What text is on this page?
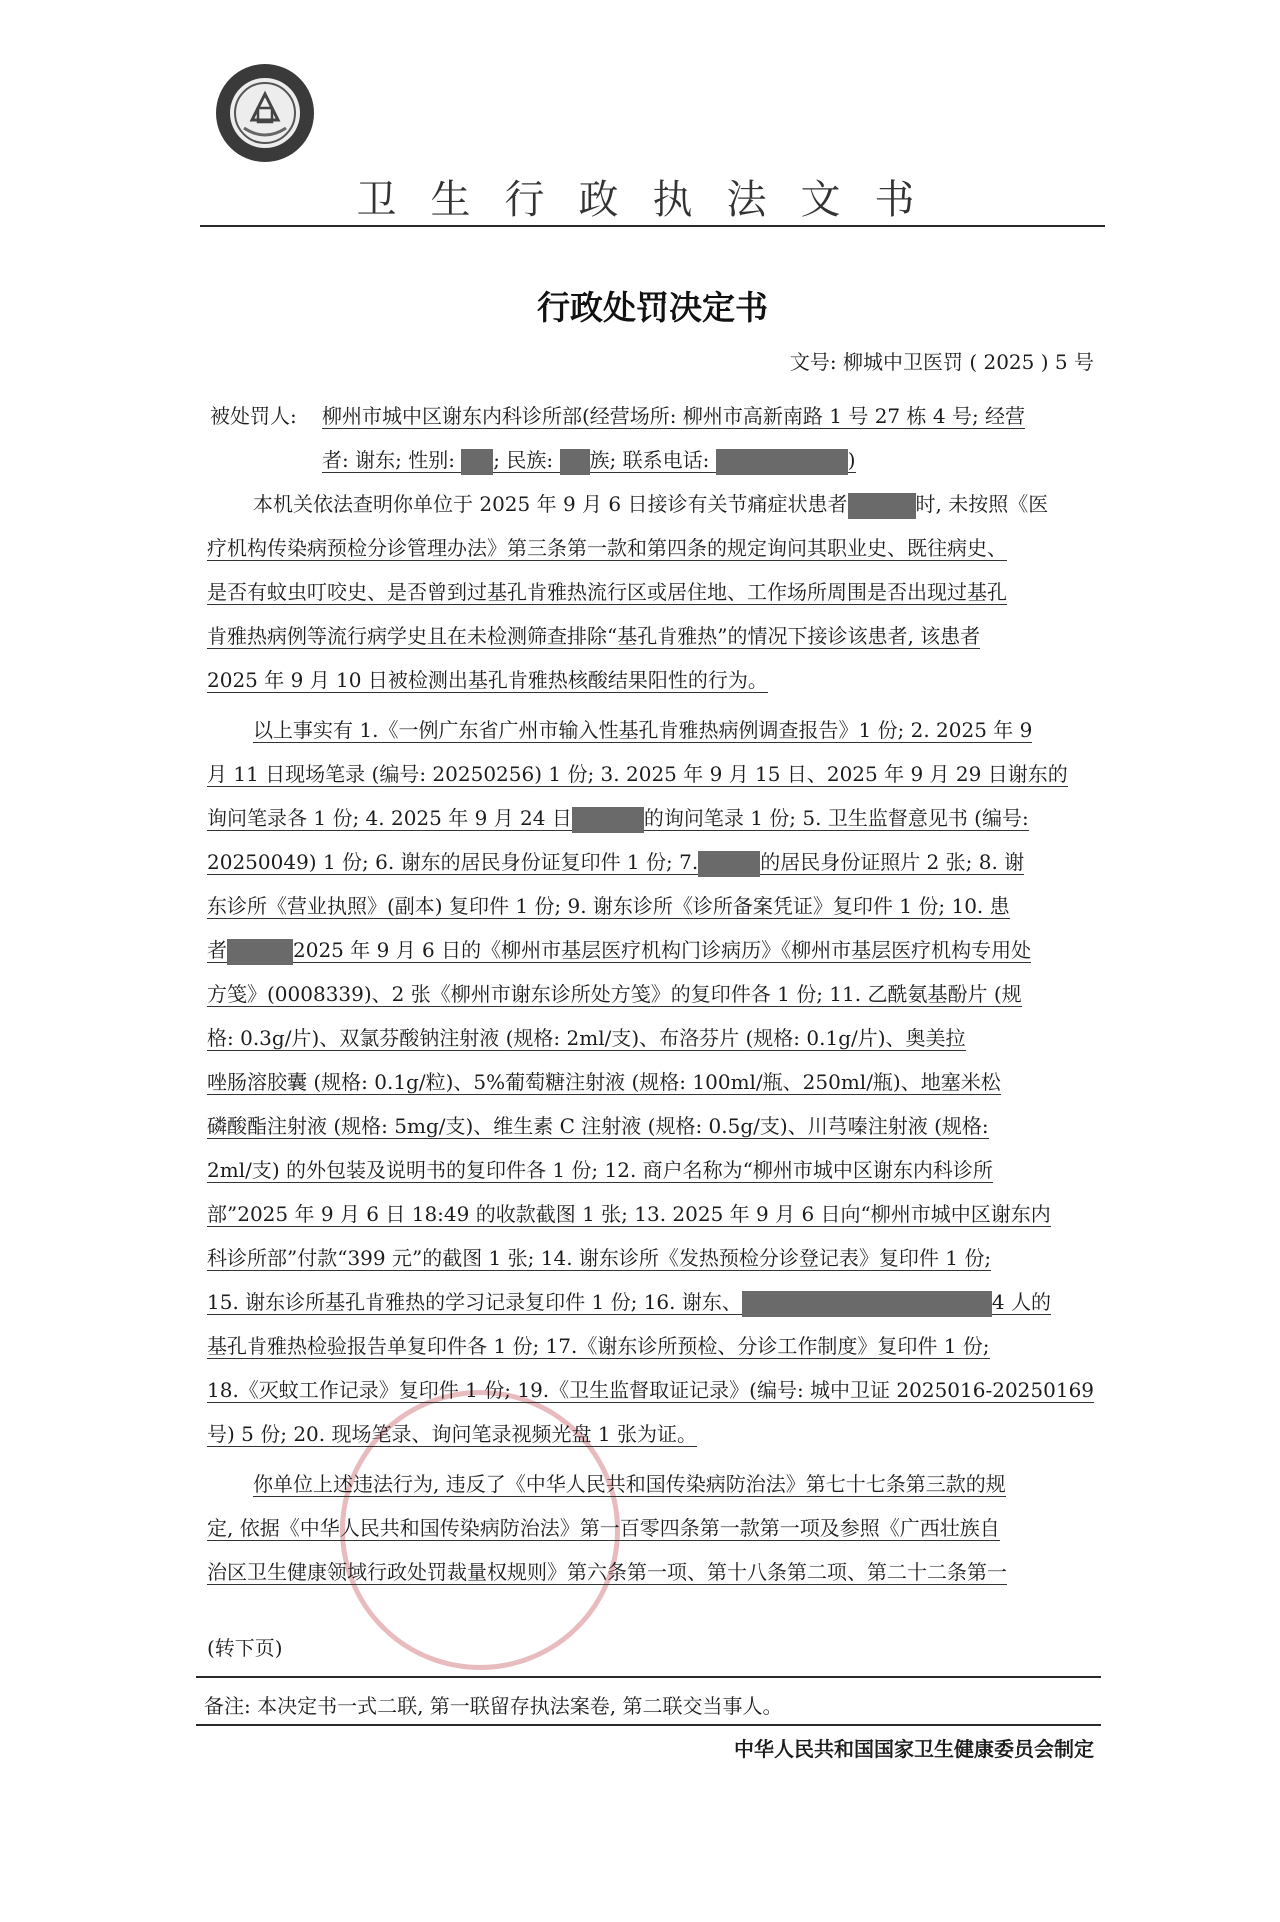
卫生行政执法文书
行政处罚决定书
文号: 柳城中卫医罚 ( 2025 ) 5 号
被处罚人: 柳州市城中区谢东内科诊所部(经营场所: 柳州市高新南路 1 号 27 栋 4 号; 经营
者: 谢东; 性别: ; 民族: 族; 联系电话:	)
本机关依法查明你单位于 2025 年 9 月 6 日接诊有关节痛症状患者	时, 未按照《医
疗机构传染病预检分诊管理办法》第三条第一款和第四条的规定询问其职业史、既往病史、
是否有蚊虫叮咬史、是否曾到过基孔肯雅热流行区或居住地、工作场所周围是否出现过基孔
肯雅热病例等流行病学史且在未检测筛查排除“基孔肯雅热”的情况下接诊该患者, 该患者
2025 年 9 月 10 日被检测出基孔肯雅热核酸结果阳性的行为。
以上事实有 1.《一例广东省广州市输入性基孔肯雅热病例调查报告》1 份; 2. 2025 年 9
月 11 日现场笔录 (编号: 20250256) 1 份; 3. 2025 年 9 月 15 日、2025 年 9 月 29 日谢东的
询问笔录各 1 份; 4. 2025 年 9 月 24 日	的询问笔录 1 份; 5. 卫生监督意见书 (编号:
20250049) 1 份; 6. 谢东的居民身份证复印件 1 份; 7.	的居民身份证照片 2 张; 8. 谢
东诊所《营业执照》(副本) 复印件 1 份; 9. 谢东诊所《诊所备案凭证》复印件 1 份; 10. 患
者	2025 年 9 月 6 日的《柳州市基层医疗机构门诊病历》《柳州市基层医疗机构专用处
方笺》(0008339)、2 张《柳州市谢东诊所处方笺》的复印件各 1 份; 11. 乙酰氨基酚片 (规
格: 0.3g/片)、双氯芬酸钠注射液 (规格: 2ml/支)、布洛芬片 (规格: 0.1g/片)、奥美拉
唑肠溶胶囊 (规格: 0.1g/粒)、5%葡萄糖注射液 (规格: 100ml/瓶、250ml/瓶)、地塞米松
磷酸酯注射液 (规格: 5mg/支)、维生素 C 注射液 (规格: 0.5g/支)、川芎嗪注射液 (规格:
2ml/支) 的外包装及说明书的复印件各 1 份; 12. 商户名称为“柳州市城中区谢东内科诊所
部”2025 年 9 月 6 日 18:49 的收款截图 1 张; 13. 2025 年 9 月 6 日向“柳州市城中区谢东内
科诊所部”付款“399 元”的截图 1 张; 14. 谢东诊所《发热预检分诊登记表》复印件 1 份;
15. 谢东诊所基孔肯雅热的学习记录复印件 1 份; 16. 谢东、	4 人的
基孔肯雅热检验报告单复印件各 1 份; 17.《谢东诊所预检、分诊工作制度》复印件 1 份;
18.《灭蚊工作记录》复印件 1 份; 19.《卫生监督取证记录》(编号: 城中卫证 2025016-20250169
号) 5 份; 20. 现场笔录、询问笔录视频光盘 1 张为证。
你单位上述违法行为, 违反了《中华人民共和国传染病防治法》第七十七条第三款的规
定, 依据《中华人民共和国传染病防治法》第一百零四条第一款第一项及参照《广西壮族自
治区卫生健康领域行政处罚裁量权规则》第六条第一项、第十八条第二项、第二十二条第一
(转下页)
备注: 本决定书一式二联, 第一联留存执法案卷, 第二联交当事人。
中华人民共和国国家卫生健康委员会制定
